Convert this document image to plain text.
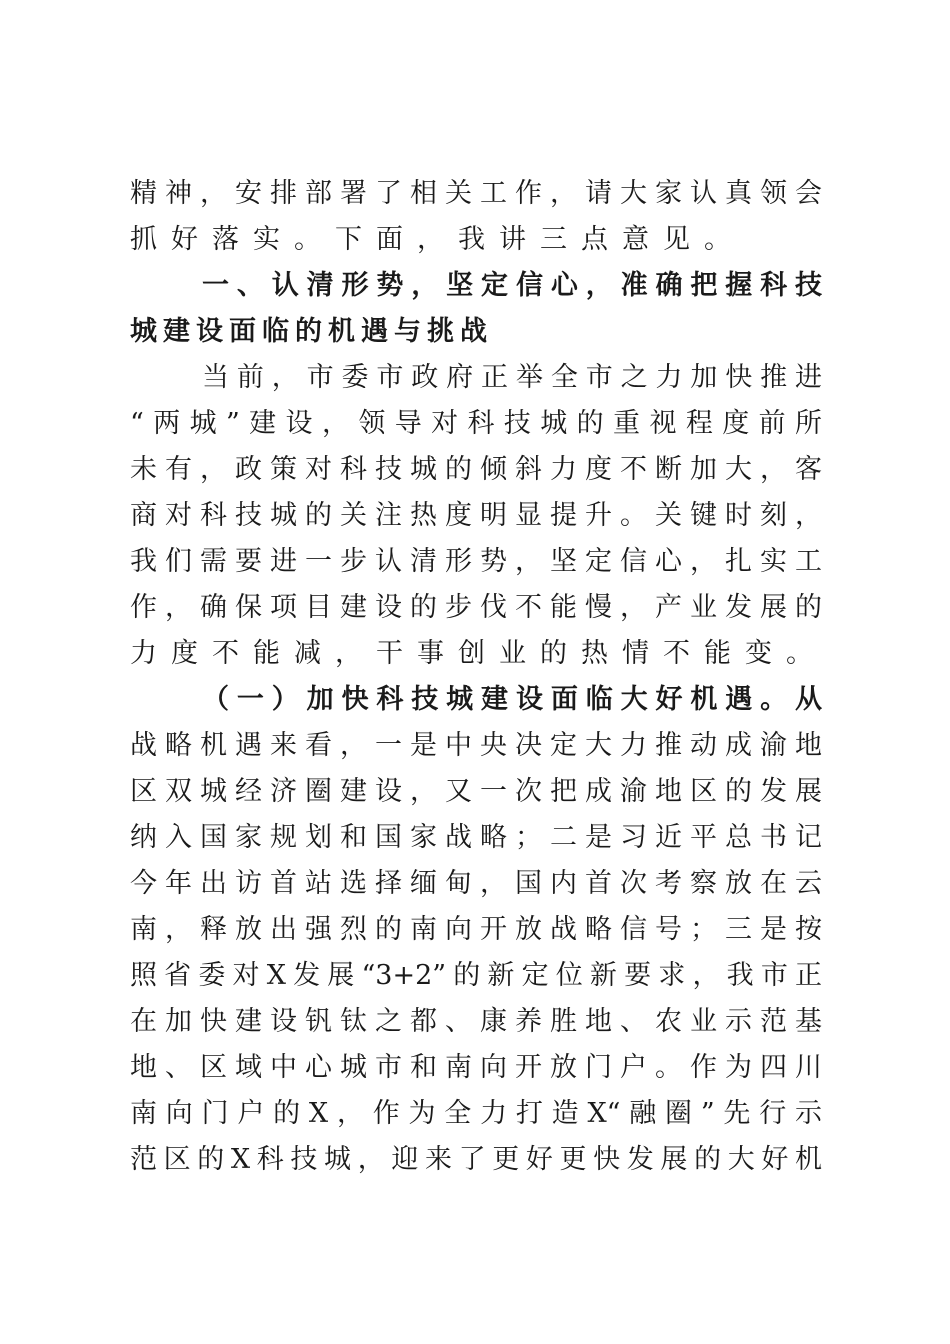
精神，安排部署了相关工作，请大家认真领会
抓好落实。下面，我讲三点意见。
一、认清形势，坚定信心，准确把握科技
城建设面临的机遇与挑战
当前，市委市政府正举全市之力加快推进
“两城”建设，领导对科技城的重视程度前所
未有，政策对科技城的倾斜力度不断加大，客
商对科技城的关注热度明显提升。关键时刻，
我们需要进一步认清形势，坚定信心，扎实工
作，确保项目建设的步伐不能慢，产业发展的
力度不能减，干事创业的热情不能变。
（一）加快科技城建设面临大好机遇。从
战略机遇来看，一是中央决定大力推动成渝地
区双城经济圈建设，又一次把成渝地区的发展
纳入国家规划和国家战略；二是习近平总书记
今年出访首站选择缅甸，国内首次考察放在云
南，释放出强烈的南向开放战略信号；三是按
照省委对X发展“3+2”的新定位新要求，我市正
在加快建设钒钛之都、康养胜地、农业示范基
地、区域中心城市和南向开放门户。作为四川
南向门户的X，作为全力打造X“融圈”先行示
范区的X科技城，迎来了更好更快发展的大好机
